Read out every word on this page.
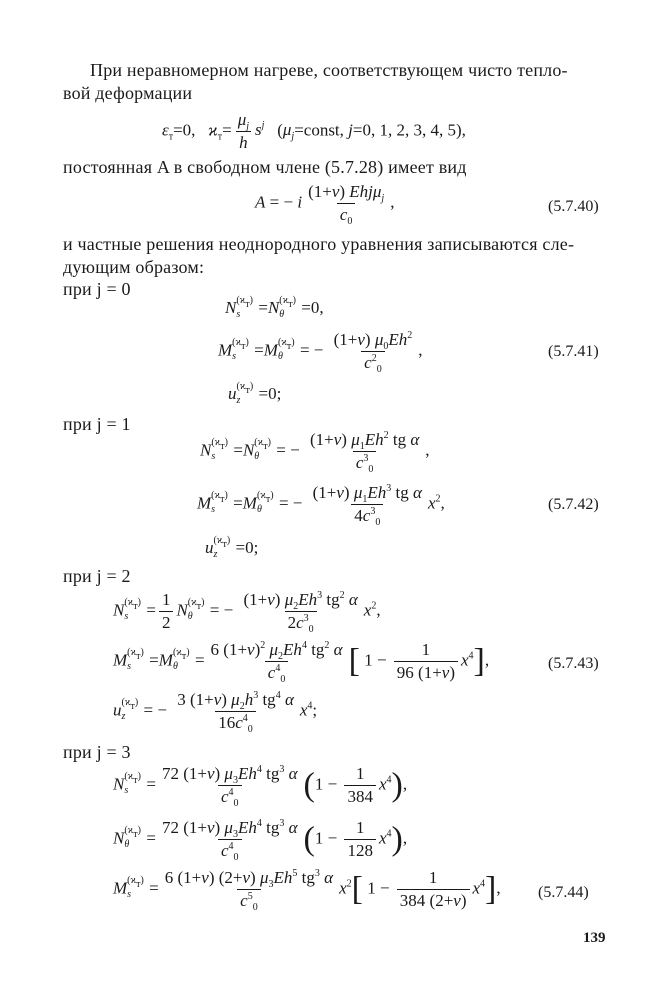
При неравномерном нагреве, соответствующем чисто тепло-
вой деформации
$\varepsilon_т=0$,   $ϰ_т= \frac{\mu_j}{h} s^j$   ($\mu_j=const$, j=0, 1, 2, 3, 4, 5),
постоянная A в свободном члене (5.7.28) имеет вид
A = − i
(1+ν) Ehjμ$_j$
$c_0$
,	(5.7.40)
и частные решения неоднородного уравнения записываются сле-
дующим образом:
при j = 0
N $(ϰ_т)$
s =N $(ϰ_т)$
θ =0,
M $(ϰ_т)$
s =M $(ϰ_т)$
θ = − $\frac{(1+\nu) \mu_0Eh^2}{c^2_0}$ ,	(5.7.41)
u $(ϰ_т)$
z =0;
при j = 1
N $(ϰ_т)$
s =N $(ϰ_т)$
θ = − $\frac{(1+\nu) \mu_1Eh^2 tg \alpha}{c^3_0}$ ,
M $(ϰ_т)$
s =M $(ϰ_т)$
θ = − $\frac{(1+\nu) \mu_1Eh^3 tg \alpha}{4c^3_0} x^2$,	(5.7.42)
u $(ϰ_т)$
z =0;
при j = 2
N $(ϰ_т)$
$s = \frac{1}{2}$ N $(ϰ_т)$
θ = − $\frac{(1+\nu) \mu_2Eh^3 tg^2 \alpha}{2c^3_0} x^2$,
M $(ϰ_т)$
s =M $(ϰ_т)$
$\theta = \frac{6 (1+\nu)^2 \mu_2Eh^4 tg^2 \alpha}{c^4_0}$ [ $1 - \frac{1}{96 (1+\nu)} x^4$],	(5.7.43)
u $(ϰ_т)$
z = − $\frac{3 (1+\nu) \mu_2h^3 tg^4 \alpha}{16c^4_0} x^4$;
при j = 3
N $(ϰ_т)$
$s = \frac{72 (1+\nu) \mu_3Eh^4 tg^3 \alpha}{c^4_0} (1 - \frac{1}{384} x^4)$,
N $(ϰ_т)$
$\theta = \frac{72 (1+\nu) \mu_3Eh^4 tg^3 \alpha}{c^4_0} (1 - \frac{1}{128} x^4)$,
M $(ϰ_т)$
$s = \frac{6 (1+\nu) (2+\nu) \mu_3Eh^5 tg^3 \alpha}{c^5_0} x^2$[ $1 - \frac{1}{384 (2+\nu)} x^4$], (5.7.44)
139
